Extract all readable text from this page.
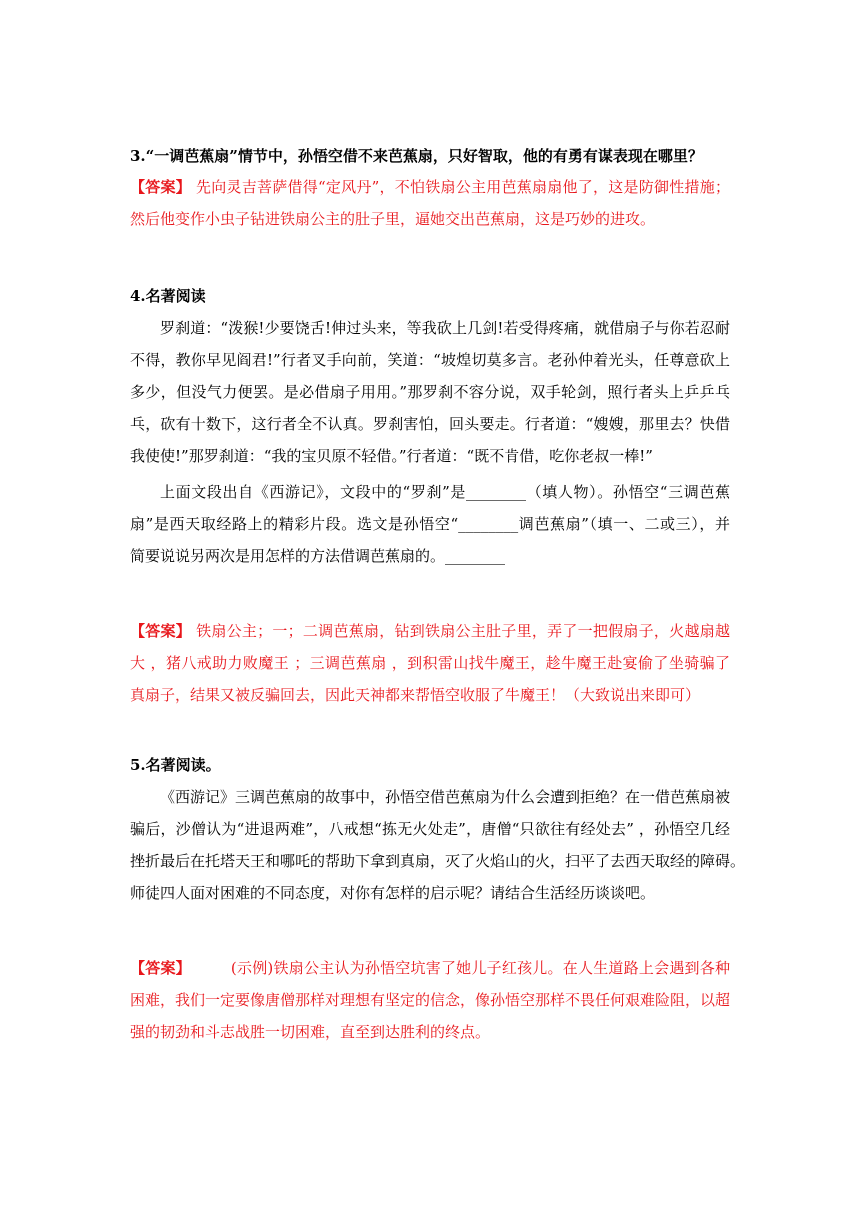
3.“一调芭蕉扇”情节中，孙悟空借不来芭蕉扇，只好智取，他的有勇有谋表现在哪里？
【答案】 先向灵吉菩萨借得“定风丹”，不怕铁扇公主用芭蕉扇扇他了，这是防御性措施；
然后他变作小虫子钻进铁扇公主的肚子里，逼她交出芭蕉扇，这是巧妙的进攻。
4.名著阅读
罗刹道：“泼猴!少要饶舌!伸过头来，等我砍上几剑!若受得疼痛，就借扇子与你若忍耐
不得，教你早见阎君!”行者叉手向前，笑道：“坡煌切莫多言。老孙仲着光头，任尊意砍上
多少，但没气力便罢。是必借扇子用用。”那罗刹不容分说，双手轮剑，照行者头上乒乒乓
乓，砍有十数下，这行者全不认真。罗刹害怕，回头要走。行者道：“嫂嫂，那里去？快借
我使使!”那罗刹道：“我的宝贝原不轻借。”行者道：“既不肯借，吃你老叔一棒!”
上面文段出自《西游记》，文段中的“罗刹”是________（填人物）。孙悟空“三调芭蕉
扇”是西天取经路上的精彩片段。选文是孙悟空“________调芭蕉扇”（填一、二或三），并
简要说说另两次是用怎样的方法借调芭蕉扇的。________
【答案】 铁扇公主；一；二调芭蕉扇，钻到铁扇公主肚子里，弄了一把假扇子，火越扇越
大 ，猪八戒助力败魔王 ；三调芭蕉扇 ，到积雷山找牛魔王，趁牛魔王赴宴偷了坐骑骗了
真扇子，结果又被反骗回去，因此天神都来帮悟空收服了牛魔王！（大致说出来即可）
5.名著阅读。
《西游记》三调芭蕉扇的故事中，孙悟空借芭蕉扇为什么会遭到拒绝？在一借芭蕉扇被
骗后，沙僧认为“进退两难”，八戒想“拣无火处走”，唐僧“只欲往有经处去” ，孙悟空几经
挫折最后在托塔天王和哪吒的帮助下拿到真扇，灭了火焰山的火，扫平了去西天取经的障碍。
师徒四人面对困难的不同态度，对你有怎样的启示呢？请结合生活经历谈谈吧。
【答案】	(示例)铁扇公主认为孙悟空坑害了她儿子红孩儿。在人生道路上会遇到各种
困难，我们一定要像唐僧那样对理想有坚定的信念，像孙悟空那样不畏任何艰难险阻，以超
强的韧劲和斗志战胜一切困难，直至到达胜利的终点。
